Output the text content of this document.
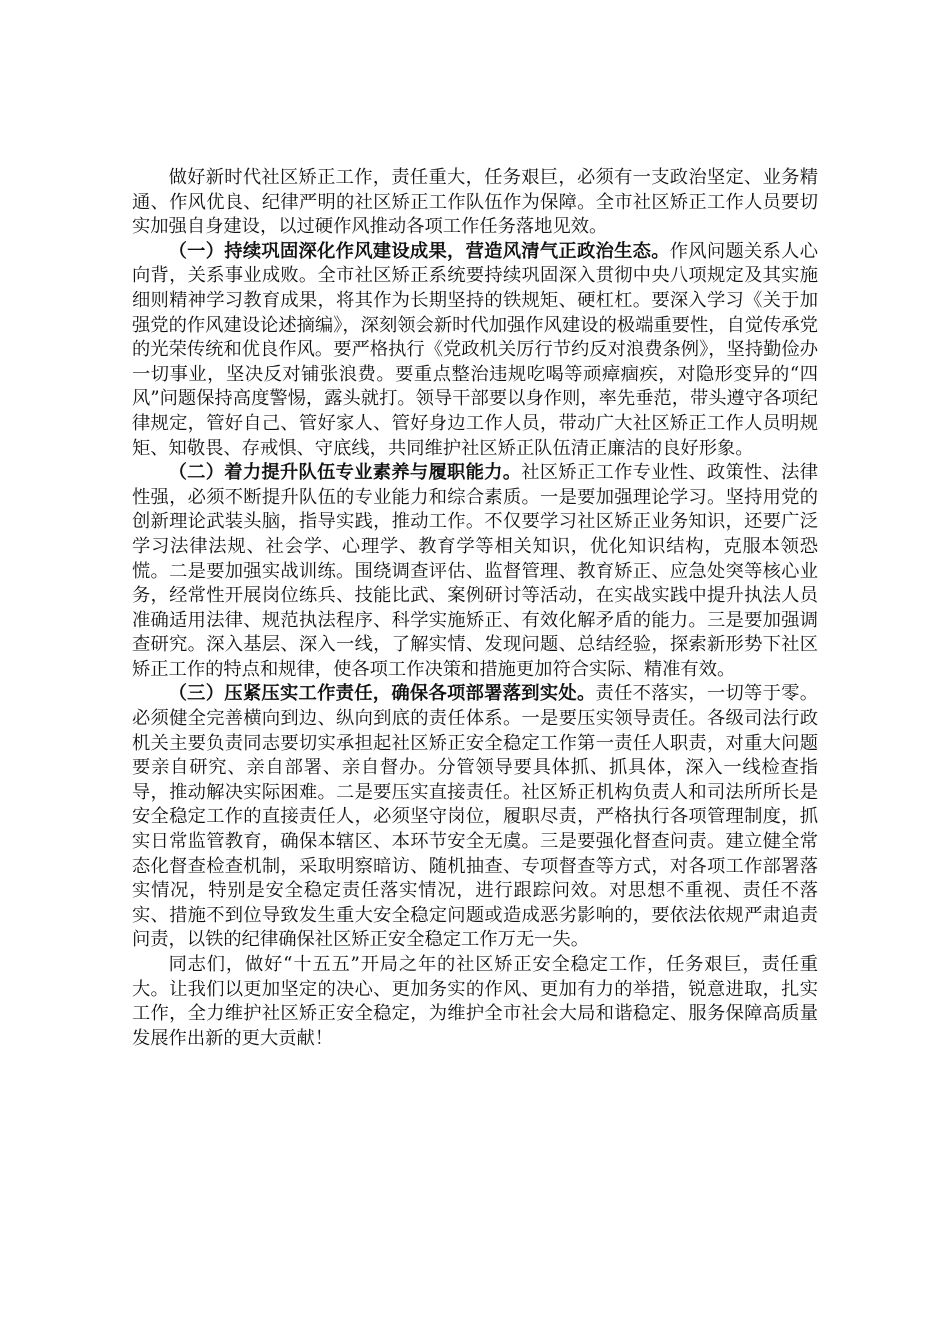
做好新时代社区矫正工作，责任重大，任务艰巨，必须有一支政治坚定、业务精通、作风优良、纪律严明的社区矫正工作队伍作为保障。全市社区矫正工作人员要切实加强自身建设，以过硬作风推动各项工作任务落地见效。

（一）持续巩固深化作风建设成果，营造风清气正政治生态。作风问题关系人心向背，关系事业成败。全市社区矫正系统要持续巩固深入贯彻中央八项规定及其实施细则精神学习教育成果，将其作为长期坚持的铁规矩、硬杠杠。要深入学习《关于加强党的作风建设论述摘编》，深刻领会新时代加强作风建设的极端重要性，自觉传承党的光荣传统和优良作风。要严格执行《党政机关厉行节约反对浪费条例》，坚持勤俭办一切事业，坚决反对铺张浪费。要重点整治违规吃喝等顽瘴痼疾，对隐形变异的“四风”问题保持高度警惕，露头就打。领导干部要以身作则，率先垂范，带头遵守各项纪律规定，管好自己、管好家人、管好身边工作人员，带动广大社区矫正工作人员明规矩、知敬畏、存戒惧、守底线，共同维护社区矫正队伍清正廉洁的良好形象。

（二）着力提升队伍专业素养与履职能力。社区矫正工作专业性、政策性、法律性强，必须不断提升队伍的专业能力和综合素质。一是要加强理论学习。坚持用党的创新理论武装头脑，指导实践，推动工作。不仅要学习社区矫正业务知识，还要广泛学习法律法规、社会学、心理学、教育学等相关知识，优化知识结构，克服本领恐慌。二是要加强实战训练。围绕调查评估、监督管理、教育矫正、应急处突等核心业务，经常性开展岗位练兵、技能比武、案例研讨等活动，在实战实践中提升执法人员准确适用法律、规范执法程序、科学实施矫正、有效化解矛盾的能力。三是要加强调查研究。深入基层、深入一线，了解实情、发现问题、总结经验，探索新形势下社区矫正工作的特点和规律，使各项工作决策和措施更加符合实际、精准有效。

（三）压紧压实工作责任，确保各项部署落到实处。责任不落实，一切等于零。必须健全完善横向到边、纵向到底的责任体系。一是要压实领导责任。各级司法行政机关主要负责同志要切实承担起社区矫正安全稳定工作第一责任人职责，对重大问题要亲自研究、亲自部署、亲自督办。分管领导要具体抓、抓具体，深入一线检查指导，推动解决实际困难。二是要压实直接责任。社区矫正机构负责人和司法所所长是安全稳定工作的直接责任人，必须坚守岗位，履职尽责，严格执行各项管理制度，抓实日常监管教育，确保本辖区、本环节安全无虞。三是要强化督查问责。建立健全常态化督查检查机制，采取明察暗访、随机抽查、专项督查等方式，对各项工作部署落实情况，特别是安全稳定责任落实情况，进行跟踪问效。对思想不重视、责任不落实、措施不到位导致发生重大安全稳定问题或造成恶劣影响的，要依法依规严肃追责问责，以铁的纪律确保社区矫正安全稳定工作万无一失。

同志们，做好“十五五”开局之年的社区矫正安全稳定工作，任务艰巨，责任重大。让我们以更加坚定的决心、更加务实的作风、更加有力的举措，锐意进取，扎实工作，全力维护社区矫正安全稳定，为维护全市社会大局和谐稳定、服务保障高质量发展作出新的更大贡献！
